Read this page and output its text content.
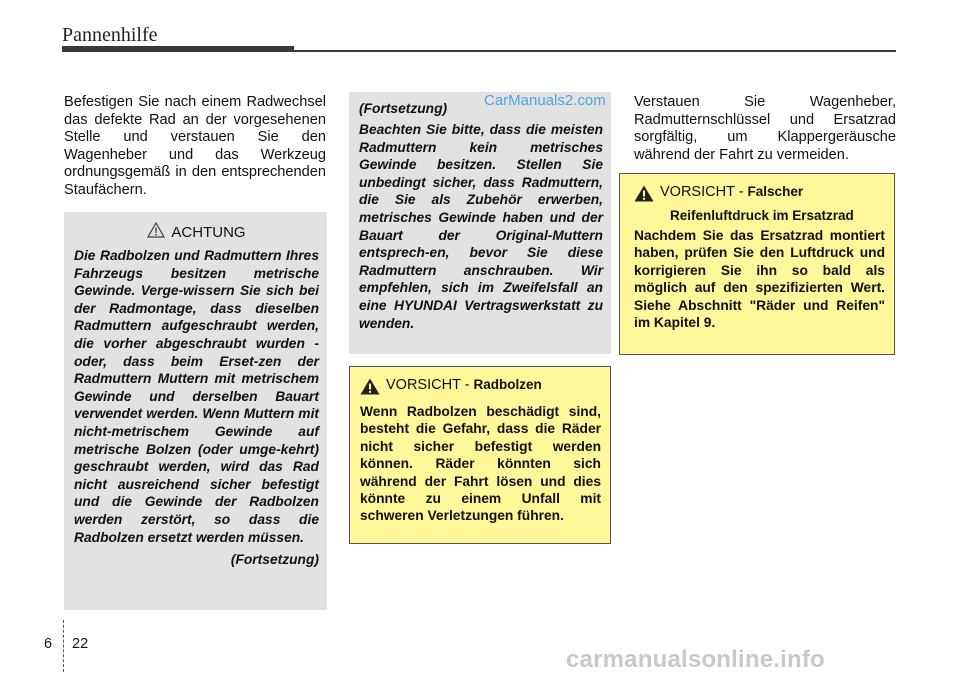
Pannenhilfe
Befestigen Sie nach einem Radwechsel das defekte Rad an der vorgesehenen Stelle und verstauen Sie den Wagenheber und das Werkzeug ordnungsgemäß in den entsprechenden Staufächern.
ACHTUNG
Die Radbolzen und Radmuttern Ihres Fahrzeugs besitzen metrische Gewinde. Verge-wissern Sie sich bei der Radmontage, dass dieselben Radmuttern aufgeschraubt werden, die vorher abgeschraubt wurden - oder, dass beim Erset-zen der Radmuttern Muttern mit metrischem Gewinde und derselben Bauart verwendet werden. Wenn Muttern mit nicht-metrischem Gewinde auf metrische Bolzen (oder umge-kehrt) geschraubt werden, wird das Rad nicht ausreichend sicher befestigt und die Gewinde der Radbolzen werden zerstört, so dass die Radbolzen ersetzt werden müssen.
(Fortsetzung)
(Fortsetzung)
Beachten Sie bitte, dass die meisten Radmuttern kein metrisches Gewinde besitzen. Stellen Sie unbedingt sicher, dass Radmuttern, die Sie als Zubehör erwerben, metrisches Gewinde haben und der Bauart der Original-Muttern entsprech-en, bevor Sie diese Radmuttern anschrauben. Wir empfehlen, sich im Zweifelsfall an eine HYUNDAI Vertragswerkstatt zu wenden.
CarManuals2.com
VORSICHT - Radbolzen
Wenn Radbolzen beschädigt sind, besteht die Gefahr, dass die Räder nicht sicher befestigt werden können. Räder könnten sich während der Fahrt lösen und dies könnte zu einem Unfall mit schweren Verletzungen führen.
Verstauen Sie Wagenheber, Radmutternschlüssel und Ersatzrad sorgfältig, um Klappergeräusche während der Fahrt zu vermeiden.
VORSICHT - Falscher
Reifenluftdruck im Ersatzrad
Nachdem Sie das Ersatzrad montiert haben, prüfen Sie den Luftdruck und korrigieren Sie ihn so bald als möglich auf den spezifizierten Wert. Siehe Abschnitt "Räder und Reifen" im Kapitel 9.
6 22
carmanualsonline.info
